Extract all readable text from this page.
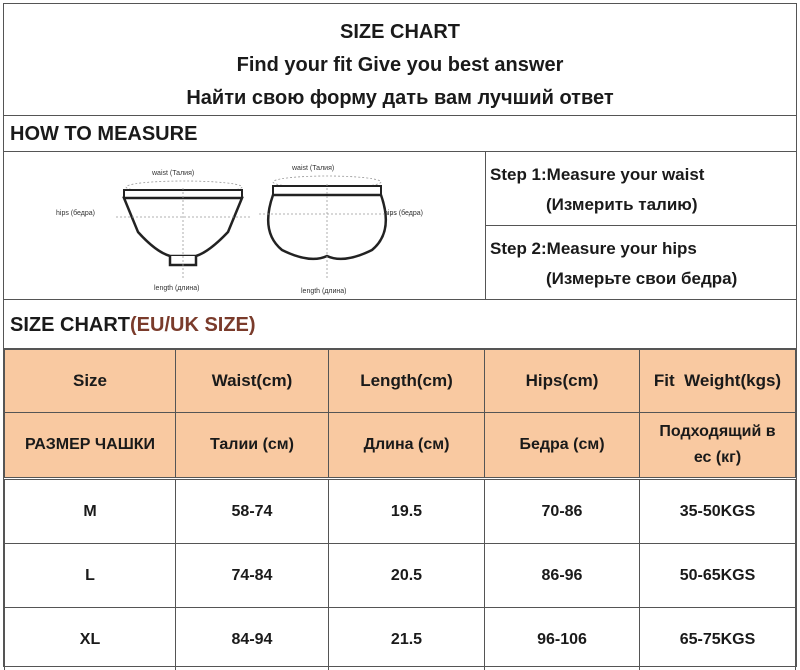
SIZE CHART
Find your fit Give you best answer
Найти свою форму дать вам лучший ответ
HOW TO MEASURE
waist (Талия)
waist (Талия)
hips (бедра)	hips (бедра)
length (длина)	length (длина)
Step 1:Measure your waist
(Измерить талию)
Step 2:Measure your hips
(Измерьте свои бедра)
SIZE CHART(EU/UK SIZE)
Size	Waist(cm)	Length(cm)	Hips(cm)	Fit  Weight(kgs)
РАЗМЕР ЧАШКИ	Талии (см)	Длина (см)	Бедра (см)	Подходящий в ес (кг)

M	58-74	19.5	70-86	35-50KGS
L	74-84	20.5	86-96	50-65KGS
XL	84-94	21.5	96-106	65-75KGS
